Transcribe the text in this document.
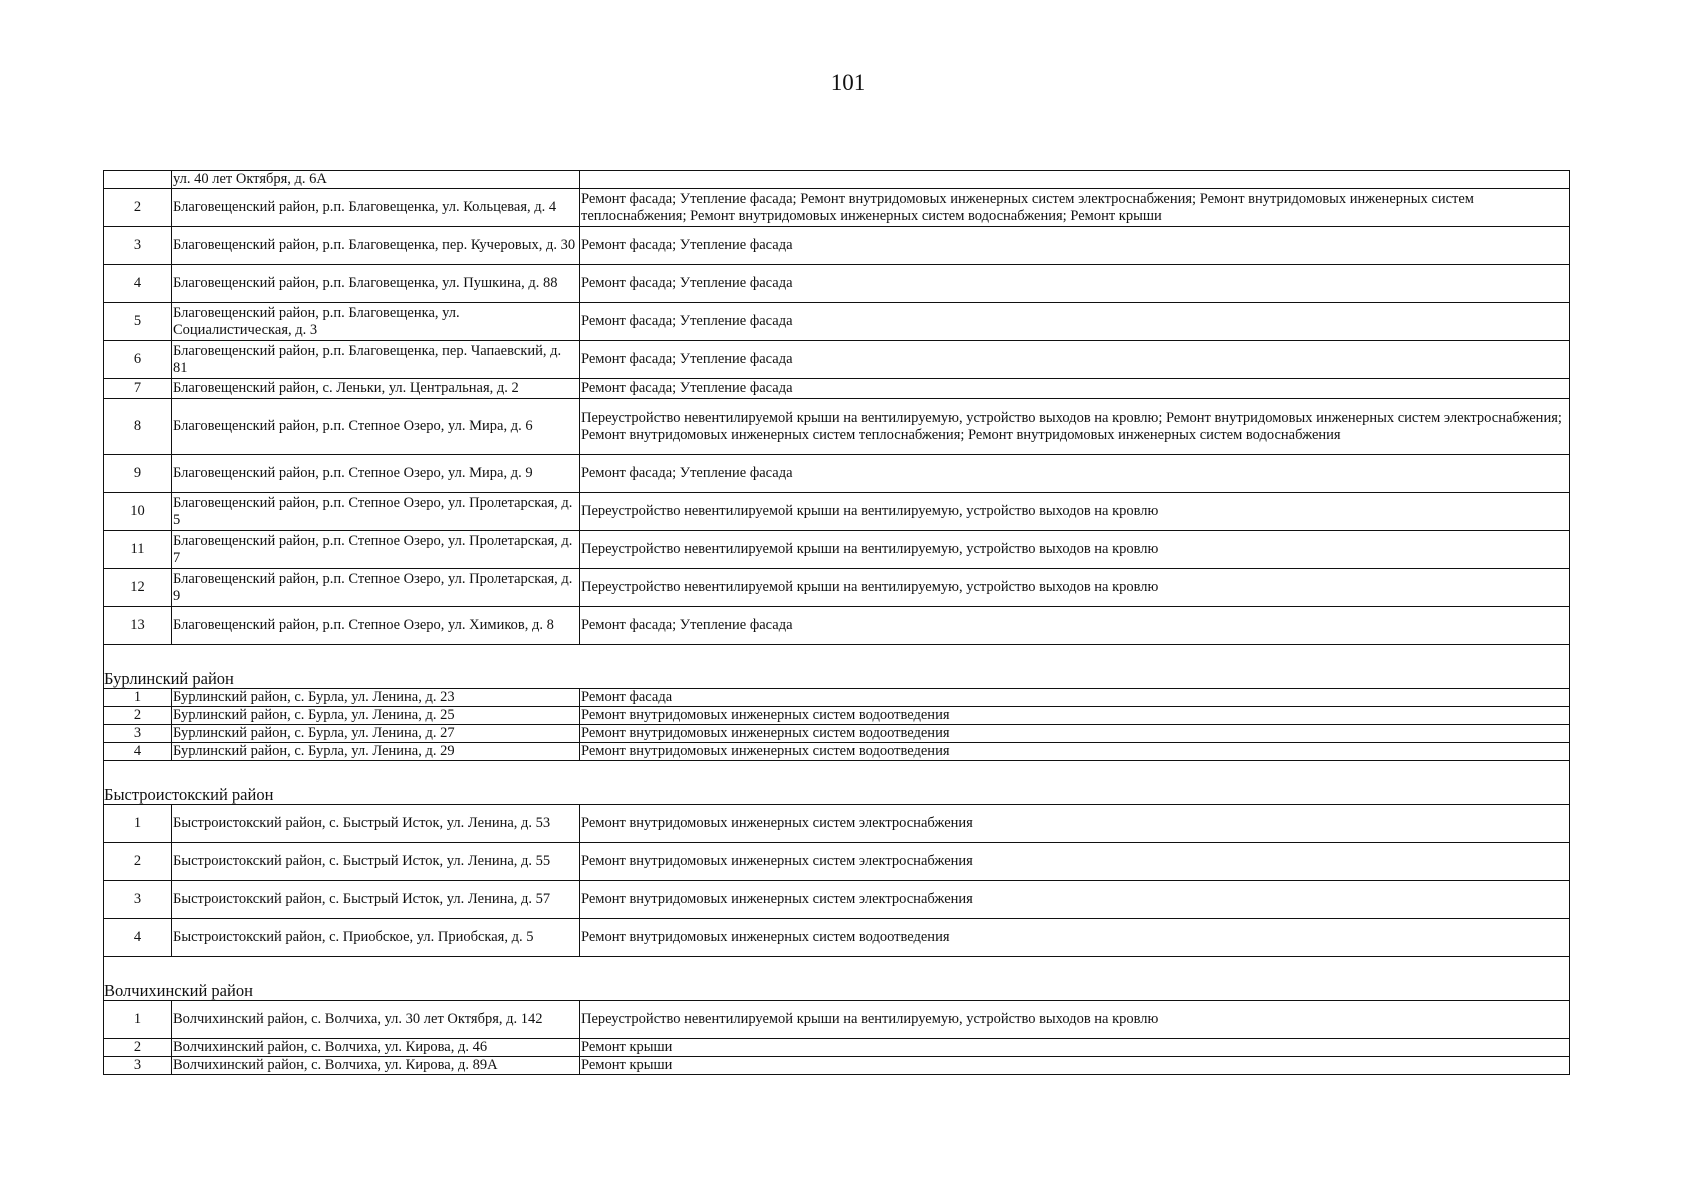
101
	ул. 40 лет Октября, д. 6А	
2	Благовещенский район, р.п. Благовещенка, ул. Кольцевая, д. 4	Ремонт фасада; Утепление фасада; Ремонт внутридомовых инженерных систем электроснабжения; Ремонт внутридомовых инженерных систем теплоснабжения; Ремонт внутридомовых инженерных систем водоснабжения; Ремонт крыши
3	Благовещенский район, р.п. Благовещенка, пер. Кучеровых, д. 30	Ремонт фасада; Утепление фасада
4	Благовещенский район, р.п. Благовещенка, ул. Пушкина, д. 88	Ремонт фасада; Утепление фасада
5	Благовещенский район, р.п. Благовещенка, ул. Социалистическая, д. 3	Ремонт фасада; Утепление фасада
6	Благовещенский район, р.п. Благовещенка, пер. Чапаевский, д. 81	Ремонт фасада; Утепление фасада
7	Благовещенский район, с. Леньки, ул. Центральная, д. 2	Ремонт фасада; Утепление фасада
8	Благовещенский район, р.п. Степное Озеро, ул. Мира, д. 6	Переустройство невентилируемой крыши на вентилируемую, устройство выходов на кровлю; Ремонт внутридомовых инженерных систем электроснабжения; Ремонт внутридомовых инженерных систем теплоснабжения; Ремонт внутридомовых инженерных систем водоснабжения
9	Благовещенский район, р.п. Степное Озеро, ул. Мира, д. 9	Ремонт фасада; Утепление фасада
10	Благовещенский район, р.п. Степное Озеро, ул. Пролетарская, д. 5	Переустройство невентилируемой крыши на вентилируемую, устройство выходов на кровлю
11	Благовещенский район, р.п. Степное Озеро, ул. Пролетарская, д. 7	Переустройство невентилируемой крыши на вентилируемую, устройство выходов на кровлю
12	Благовещенский район, р.п. Степное Озеро, ул. Пролетарская, д. 9	Переустройство невентилируемой крыши на вентилируемую, устройство выходов на кровлю
13	Благовещенский район, р.п. Степное Озеро, ул. Химиков, д. 8	Ремонт фасада; Утепление фасада
Бурлинский район		
1	Бурлинский район, с. Бурла, ул. Ленина, д. 23	Ремонт фасада
2	Бурлинский район, с. Бурла, ул. Ленина, д. 25	Ремонт внутридомовых инженерных систем водоотведения
3	Бурлинский район, с. Бурла, ул. Ленина, д. 27	Ремонт внутридомовых инженерных систем водоотведения
4	Бурлинский район, с. Бурла, ул. Ленина, д. 29	Ремонт внутридомовых инженерных систем водоотведения
Быстроистокский район		
1	Быстроистокский район, с. Быстрый Исток, ул. Ленина, д. 53	Ремонт внутридомовых инженерных систем электроснабжения
2	Быстроистокский район, с. Быстрый Исток, ул. Ленина, д. 55	Ремонт внутридомовых инженерных систем электроснабжения
3	Быстроистокский район, с. Быстрый Исток, ул. Ленина, д. 57	Ремонт внутридомовых инженерных систем электроснабжения
4	Быстроистокский район, с. Приобское, ул. Приобская, д. 5	Ремонт внутридомовых инженерных систем водоотведения
Волчихинский район		
1	Волчихинский район, с. Волчиха, ул. 30 лет Октября, д. 142	Переустройство невентилируемой крыши на вентилируемую, устройство выходов на кровлю
2	Волчихинский район, с. Волчиха, ул. Кирова, д. 46	Ремонт крыши
3	Волчихинский район, с. Волчиха, ул. Кирова, д. 89А	Ремонт крыши
